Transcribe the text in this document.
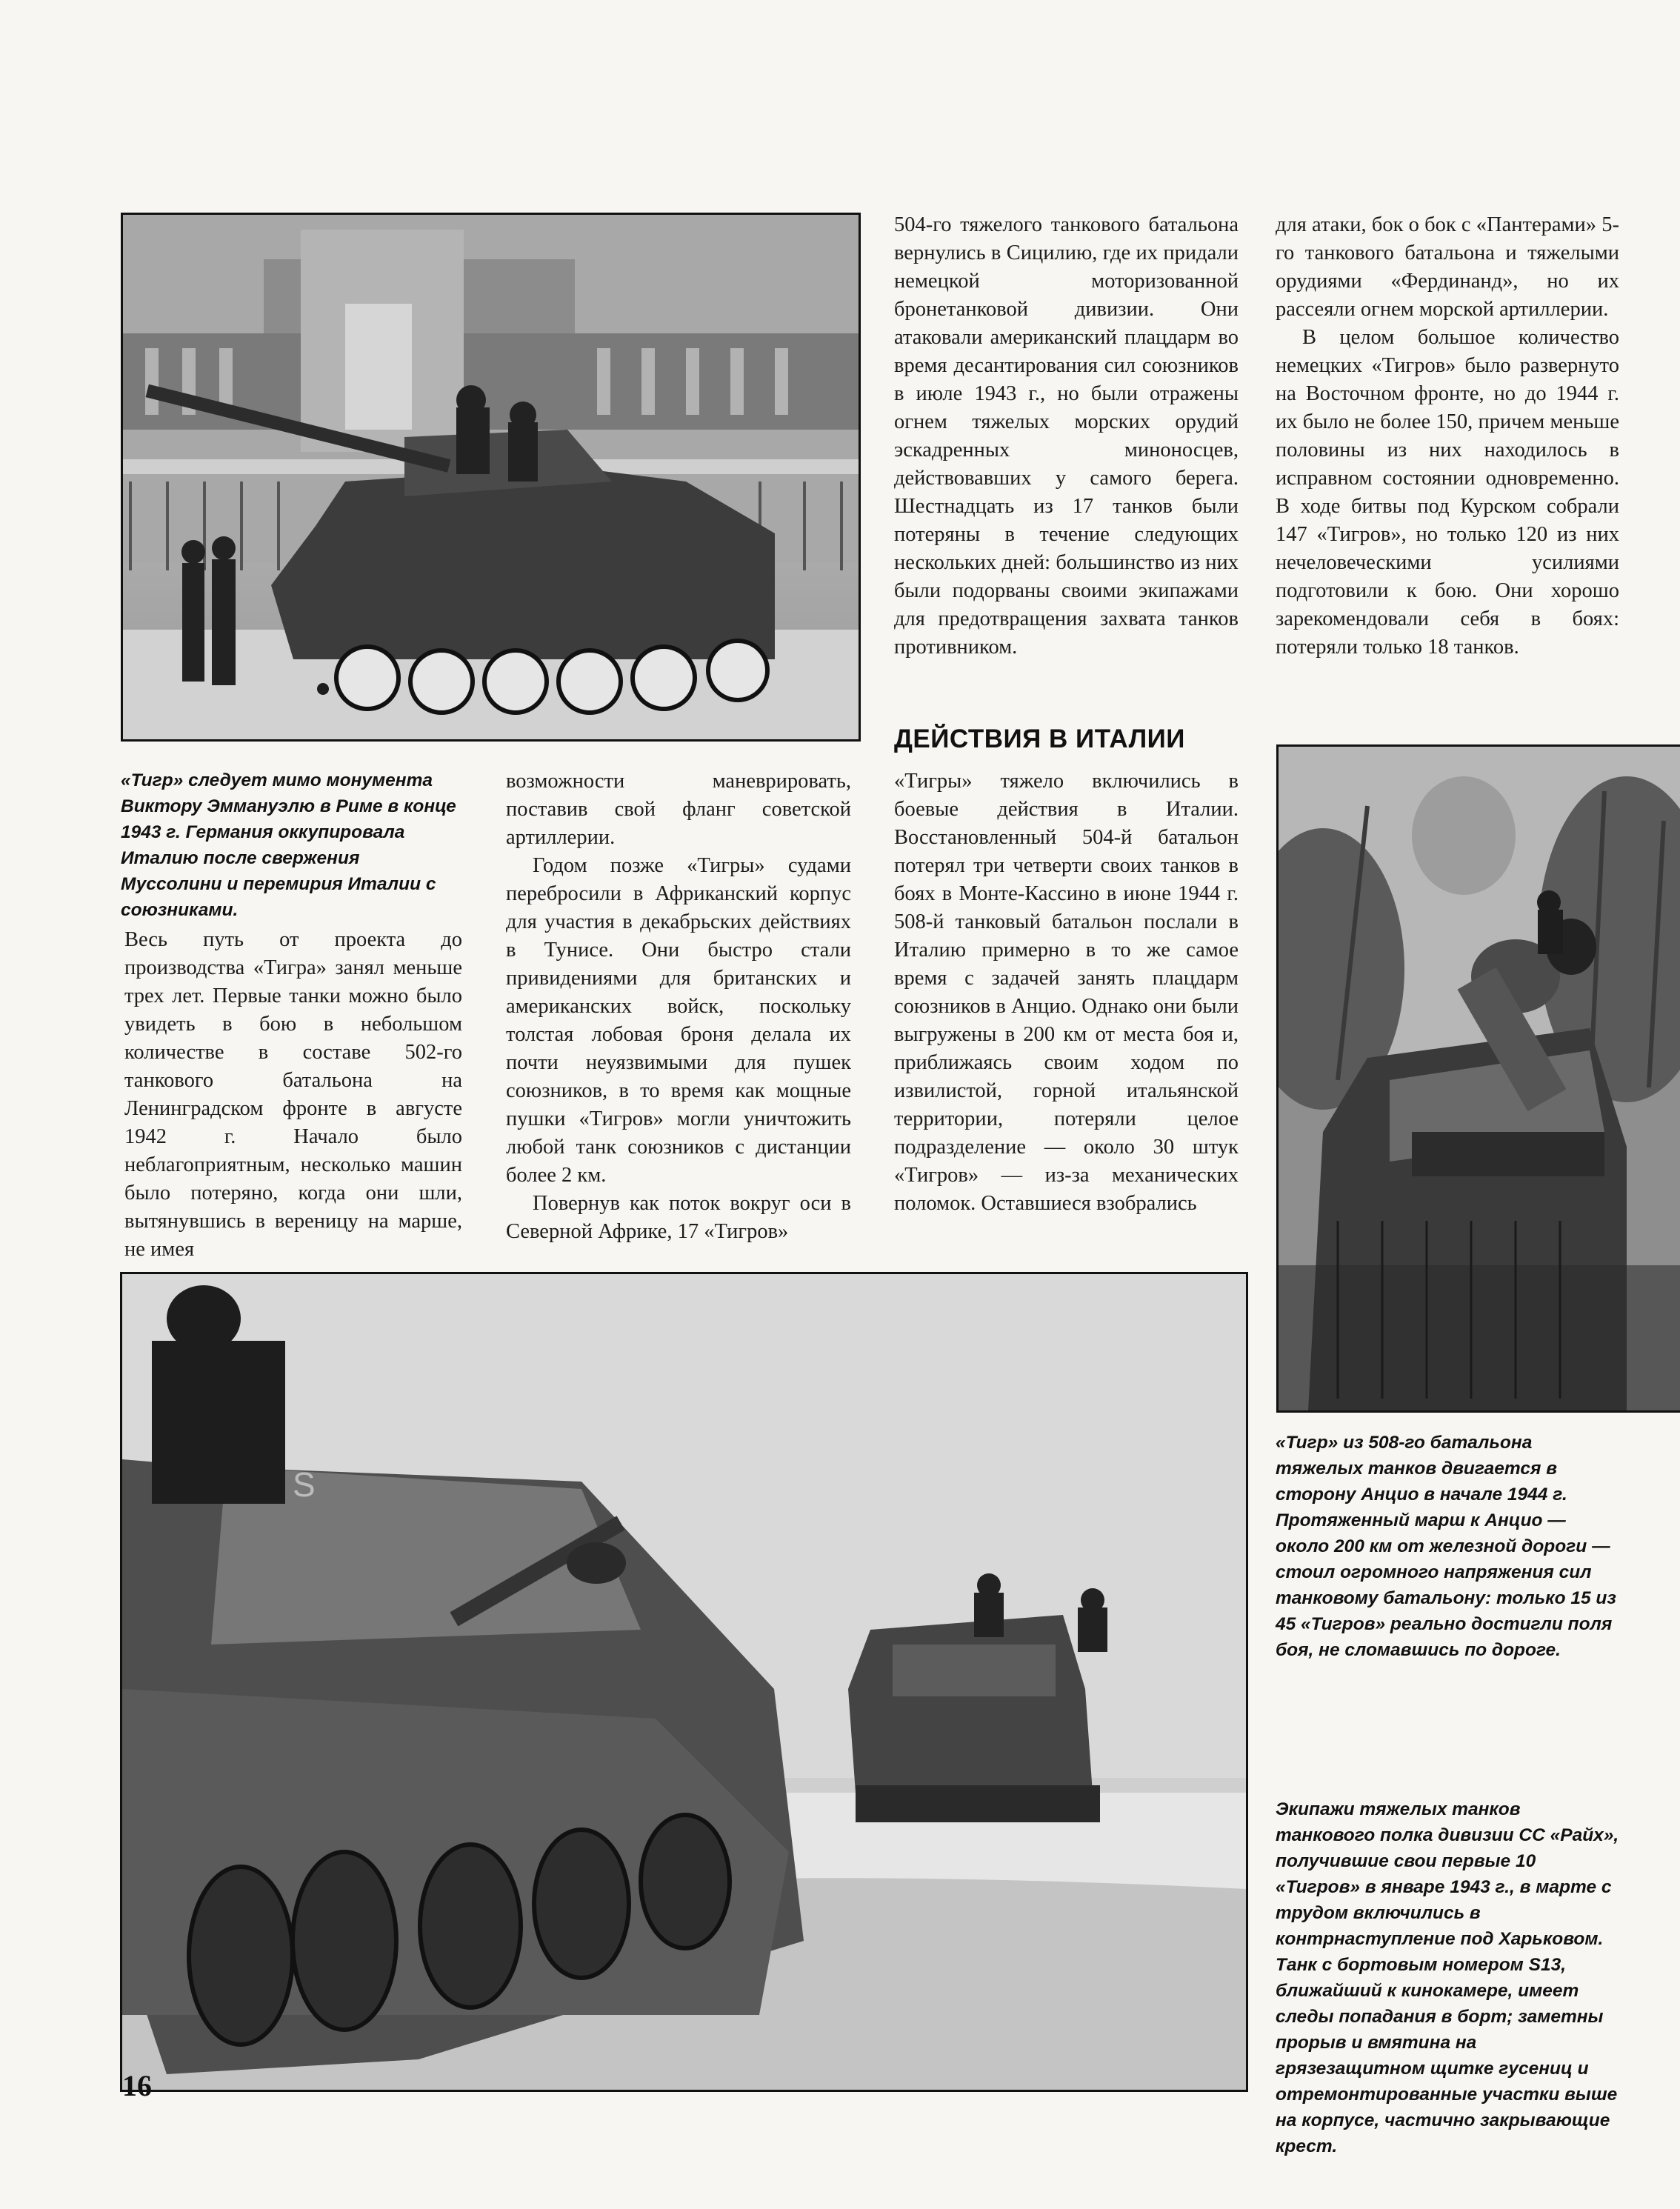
«Тигр» следует мимо монумента Виктору Эммануэлю в Риме в конце 1943 г. Германия оккупировала Италию после свержения Муссолини и перемирия Италии с союзниками.

Весь путь от проекта до производства «Тигра» занял меньше трех лет. Первые танки можно было увидеть в бою в небольшом количестве в составе 502-го танкового батальона на Ленинградском фронте в августе 1942 г. Начало было неблагоприятным, несколько машин было потеряно, когда они шли, вытянувшись в вереницу на марше, не имея

возможности маневрировать, поставив свой фланг советской артиллерии.

Годом позже «Тигры» судами перебросили в Африканский корпус для участия в декабрьских действиях в Тунисе. Они быстро стали привидениями для британских и американских войск, поскольку толстая лобовая броня делала их почти неуязвимыми для пушек союзников, в то время как мощные пушки «Тигров» могли уничтожить любой танк союзников с дистанции более 2 км.

Повернув как поток вокруг оси в Северной Африке, 17 «Тигров»

504-го тяжелого танкового батальона вернулись в Сицилию, где их придали немецкой моторизованной бронетанковой дивизии. Они атаковали американский плацдарм во время десантирования сил союзников в июле 1943 г., но были отражены огнем тяжелых морских орудий эскадренных миноносцев, действовавших у самого берега. Шестнадцать из 17 танков были потеряны в течение следующих нескольких дней: большинство из них были подорваны своими экипажами для предотвращения захвата танков противником.

ДЕЙСТВИЯ В ИТАЛИИ

«Тигры» тяжело включились в боевые действия в Италии. Восстановленный 504-й батальон потерял три четверти своих танков в боях в Монте-Кассино в июне 1944 г. 508-й танковый батальон послали в Италию примерно в то же самое время с задачей занять плацдарм союзников в Анцио. Однако они были выгружены в 200 км от места боя и, приближаясь своим ходом по извилистой, горной итальянской территории, потеряли целое подразделение — около 30 штук «Тигров» — из-за механических поломок. Оставшиеся взобрались

для атаки, бок о бок с «Пантерами» 5-го танкового батальона и тяжелыми орудиями «Фердинанд», но их рассеяли огнем морской артиллерии.

В целом большое количество немецких «Тигров» было развернуто на Восточном фронте, но до 1944 г. их было не более 150, причем меньше половины из них находилось в исправном состоянии одновременно. В ходе битвы под Курском собрали 147 «Тигров», но только 120 из них нечеловеческими усилиями подготовили к бою. Они хорошо зарекомендовали себя в боях: потеряли только 18 танков.

«Тигр» из 508-го батальона тяжелых танков двигается в сторону Анцио в начале 1944 г. Протяженный марш к Анцио — около 200 км от железной дороги — стоил огромного напряжения сил танковому батальону: только 15 из 45 «Тигров» реально достигли поля боя, не сломавшись по дороге.
S
Экипажи тяжелых танков танкового полка дивизии СС «Райх», получившие свои первые 10 «Тигров» в январе 1943 г., в марте с трудом включились в контрнаступление под Харьковом. Танк с бортовым номером S13, ближайший к кинокамере, имеет следы попадания в борт; заметны прорыв и вмятина на грязезащитном щитке гусениц и отремонтированные участки выше на корпусе, частично закрывающие крест.
16
